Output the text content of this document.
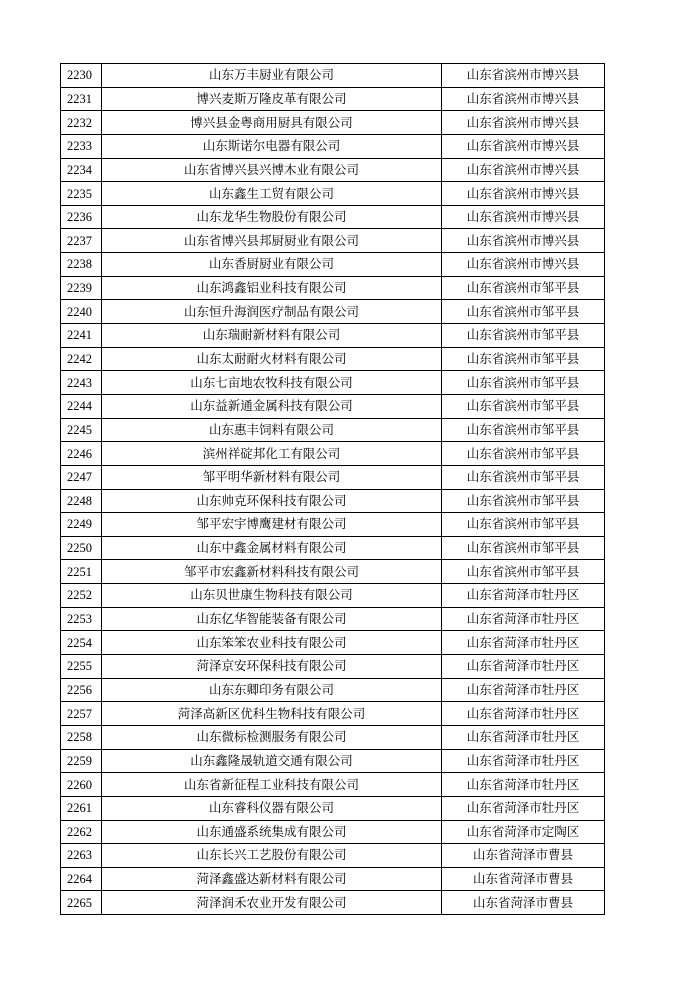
2230	山东万丰厨业有限公司	山东省滨州市博兴县
2231	博兴麦斯万隆皮革有限公司	山东省滨州市博兴县
2232	博兴县金粤商用厨具有限公司	山东省滨州市博兴县
2233	山东斯诺尔电器有限公司	山东省滨州市博兴县
2234	山东省博兴县兴博木业有限公司	山东省滨州市博兴县
2235	山东鑫生工贸有限公司	山东省滨州市博兴县
2236	山东龙华生物股份有限公司	山东省滨州市博兴县
2237	山东省博兴县邦厨厨业有限公司	山东省滨州市博兴县
2238	山东香厨厨业有限公司	山东省滨州市博兴县
2239	山东鸿鑫铝业科技有限公司	山东省滨州市邹平县
2240	山东恒升海润医疗制品有限公司	山东省滨州市邹平县
2241	山东瑞耐新材料有限公司	山东省滨州市邹平县
2242	山东太耐耐火材料有限公司	山东省滨州市邹平县
2243	山东七亩地农牧科技有限公司	山东省滨州市邹平县
2244	山东益新通金属科技有限公司	山东省滨州市邹平县
2245	山东惠丰饲料有限公司	山东省滨州市邹平县
2246	滨州祥碇邦化工有限公司	山东省滨州市邹平县
2247	邹平明华新材料有限公司	山东省滨州市邹平县
2248	山东帅克环保科技有限公司	山东省滨州市邹平县
2249	邹平宏宇博鹰建材有限公司	山东省滨州市邹平县
2250	山东中鑫金属材料有限公司	山东省滨州市邹平县
2251	邹平市宏鑫新材料科技有限公司	山东省滨州市邹平县
2252	山东贝世康生物科技有限公司	山东省菏泽市牡丹区
2253	山东亿华智能装备有限公司	山东省菏泽市牡丹区
2254	山东笨笨农业科技有限公司	山东省菏泽市牡丹区
2255	菏泽京安环保科技有限公司	山东省菏泽市牡丹区
2256	山东东卿印务有限公司	山东省菏泽市牡丹区
2257	菏泽高新区优科生物科技有限公司	山东省菏泽市牡丹区
2258	山东微标检测服务有限公司	山东省菏泽市牡丹区
2259	山东鑫隆晟轨道交通有限公司	山东省菏泽市牡丹区
2260	山东省新征程工业科技有限公司	山东省菏泽市牡丹区
2261	山东睿科仪器有限公司	山东省菏泽市牡丹区
2262	山东通盛系统集成有限公司	山东省菏泽市定陶区
2263	山东长兴工艺股份有限公司	山东省菏泽市曹县
2264	菏泽鑫盛达新材料有限公司	山东省菏泽市曹县
2265	菏泽润禾农业开发有限公司	山东省菏泽市曹县
